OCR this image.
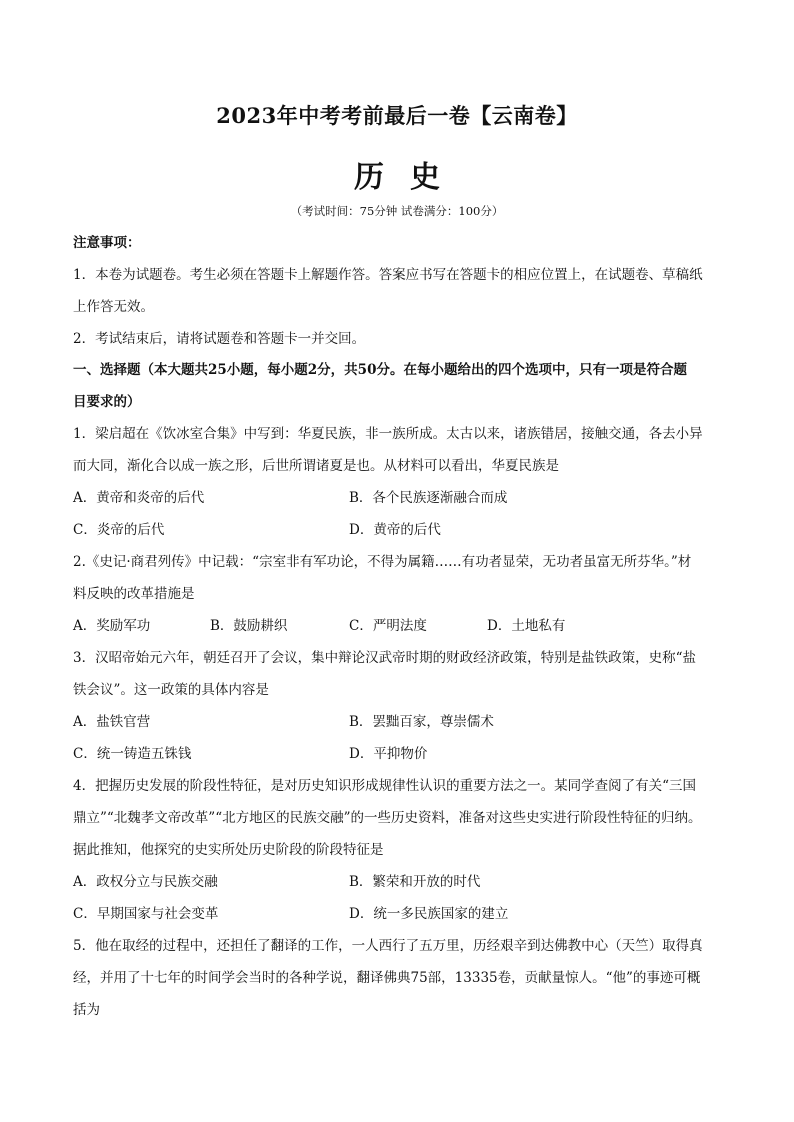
2023年中考考前最后一卷【云南卷】
历史
（考试时间：75分钟 试卷满分：100分）
注意事项：
1．本卷为试题卷。考生必须在答题卡上解题作答。答案应书写在答题卡的相应位置上，在试题卷、草稿纸
上作答无效。
2．考试结束后，请将试题卷和答题卡一并交回。
一、选择题（本大题共25小题，每小题2分，共50分。在每小题给出的四个选项中，只有一项是符合题
目要求的）
1．梁启超在《饮冰室合集》中写到：华夏民族，非一族所成。太古以来，诸族错居，接触交通，各去小异
而大同，渐化合以成一族之形，后世所谓诸夏是也。从材料可以看出，华夏民族是
A．黄帝和炎帝的后代	B．各个民族逐渐融合而成
C．炎帝的后代	D．黄帝的后代
2.《史记·商君列传》中记载：“宗室非有军功论，不得为属籍……有功者显荣，无功者虽富无所芬华。”材
料反映的改革措施是
A．奖励军功	B．鼓励耕织	C．严明法度	D．土地私有
3．汉昭帝始元六年，朝廷召开了会议，集中辩论汉武帝时期的财政经济政策，特别是盐铁政策，史称“盐
铁会议”。这一政策的具体内容是
A．盐铁官营	B．罢黜百家，尊崇儒术
C．统一铸造五铢钱	D．平抑物价
4．把握历史发展的阶段性特征，是对历史知识形成规律性认识的重要方法之一。某同学查阅了有关“三国
鼎立”“北魏孝文帝改革”“北方地区的民族交融”的一些历史资料，准备对这些史实进行阶段性特征的归纳。
据此推知，他探究的史实所处历史阶段的阶段特征是
A．政权分立与民族交融	B．繁荣和开放的时代
C．早期国家与社会变革	D．统一多民族国家的建立
5．他在取经的过程中，还担任了翻译的工作，一人西行了五万里，历经艰辛到达佛教中心（天竺）取得真
经，并用了十七年的时间学会当时的各种学说，翻译佛典75部，13335卷，贡献量惊人。“他”的事迹可概
括为
